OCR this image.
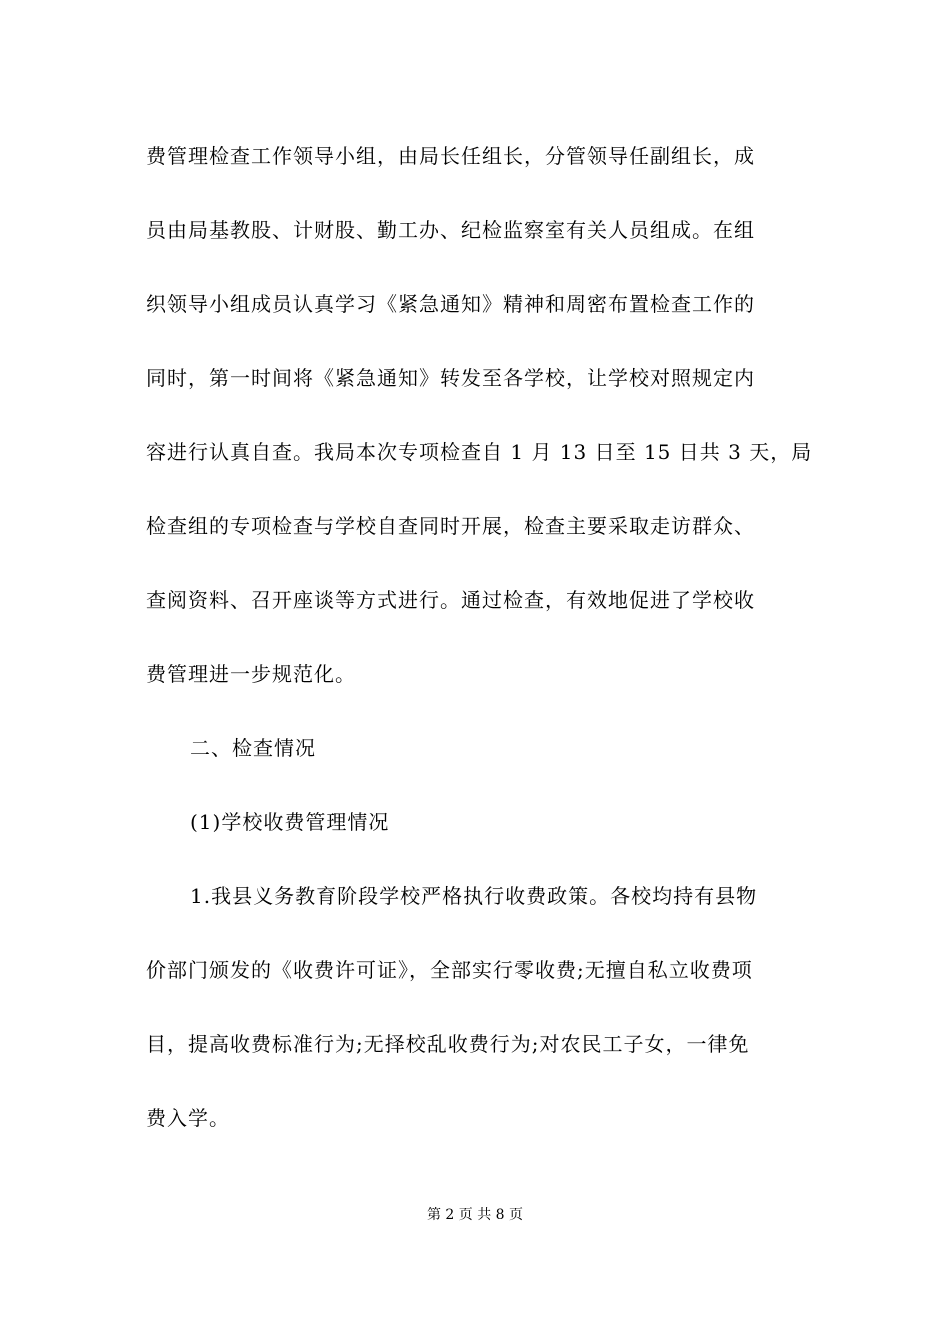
费管理检查工作领导小组，由局长任组长，分管领导任副组长，成
员由局基教股、计财股、勤工办、纪检监察室有关人员组成。在组
织领导小组成员认真学习《紧急通知》精神和周密布置检查工作的
同时，第一时间将《紧急通知》转发至各学校，让学校对照规定内
容进行认真自查。我局本次专项检查自 1 月 13 日至 15 日共 3 天，局
检查组的专项检查与学校自查同时开展，检查主要采取走访群众、
查阅资料、召开座谈等方式进行。通过检查，有效地促进了学校收
费管理进一步规范化。
二、检查情况
(1)学校收费管理情况
1.我县义务教育阶段学校严格执行收费政策。各校均持有县物
价部门颁发的《收费许可证》，全部实行零收费;无擅自私立收费项
目，提高收费标准行为;无择校乱收费行为;对农民工子女，一律免
费入学。
第 2 页 共 8 页
